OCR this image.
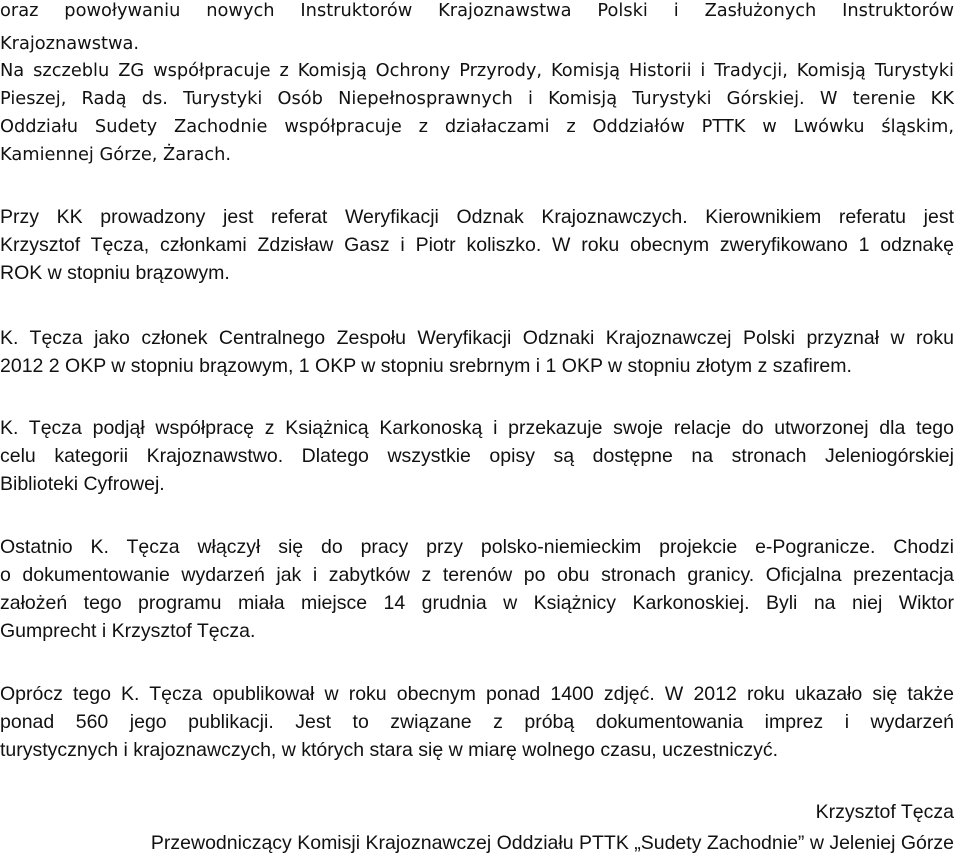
oraz powoływaniu nowych Instruktorów Krajoznawstwa Polski i Zasłużonych Instruktorów
Krajoznawstwa.
Na szczeblu ZG współpracuje z Komisją Ochrony Przyrody, Komisją Historii i Tradycji, Komisją Turystyki
Pieszej, Radą ds. Turystyki Osób Niepełnosprawnych i Komisją Turystyki Górskiej. W terenie KK
Oddziału Sudety Zachodnie współpracuje z działaczami z Oddziałów PTTK w Lwówku śląskim,
Kamiennej Górze, Żarach.
Przy KK prowadzony jest referat Weryfikacji Odznak Krajoznawczych. Kierownikiem referatu jest
Krzysztof Tęcza, członkami Zdzisław Gasz i Piotr koliszko. W roku obecnym zweryfikowano 1 odznakę
ROK w stopniu brązowym.
K. Tęcza jako członek Centralnego Zespołu Weryfikacji Odznaki Krajoznawczej Polski przyznał w roku
2012 2 OKP w stopniu brązowym, 1 OKP w stopniu srebrnym i 1 OKP w stopniu złotym z szafirem.
K. Tęcza podjął współpracę z Książnicą Karkonoską i przekazuje swoje relacje do utworzonej dla tego
celu kategorii Krajoznawstwo. Dlatego wszystkie opisy są dostępne na stronach Jeleniogórskiej
Biblioteki Cyfrowej.
Ostatnio K. Tęcza włączył się do pracy przy polsko-niemieckim projekcie e-Pogranicze. Chodzi
o dokumentowanie wydarzeń jak i zabytków z terenów po obu stronach granicy. Oficjalna prezentacja
założeń tego programu miała miejsce 14 grudnia w Książnicy Karkonoskiej. Byli na niej Wiktor
Gumprecht i Krzysztof Tęcza.
Oprócz tego K. Tęcza opublikował w roku obecnym ponad 1400 zdjęć. W 2012 roku ukazało się także
ponad 560 jego publikacji. Jest to związane z próbą dokumentowania imprez i wydarzeń
turystycznych i krajoznawczych, w których stara się w miarę wolnego czasu, uczestniczyć.
Krzysztof Tęcza
Przewodniczący Komisji Krajoznawczej Oddziału PTTK „Sudety Zachodnie” w Jeleniej Górze
